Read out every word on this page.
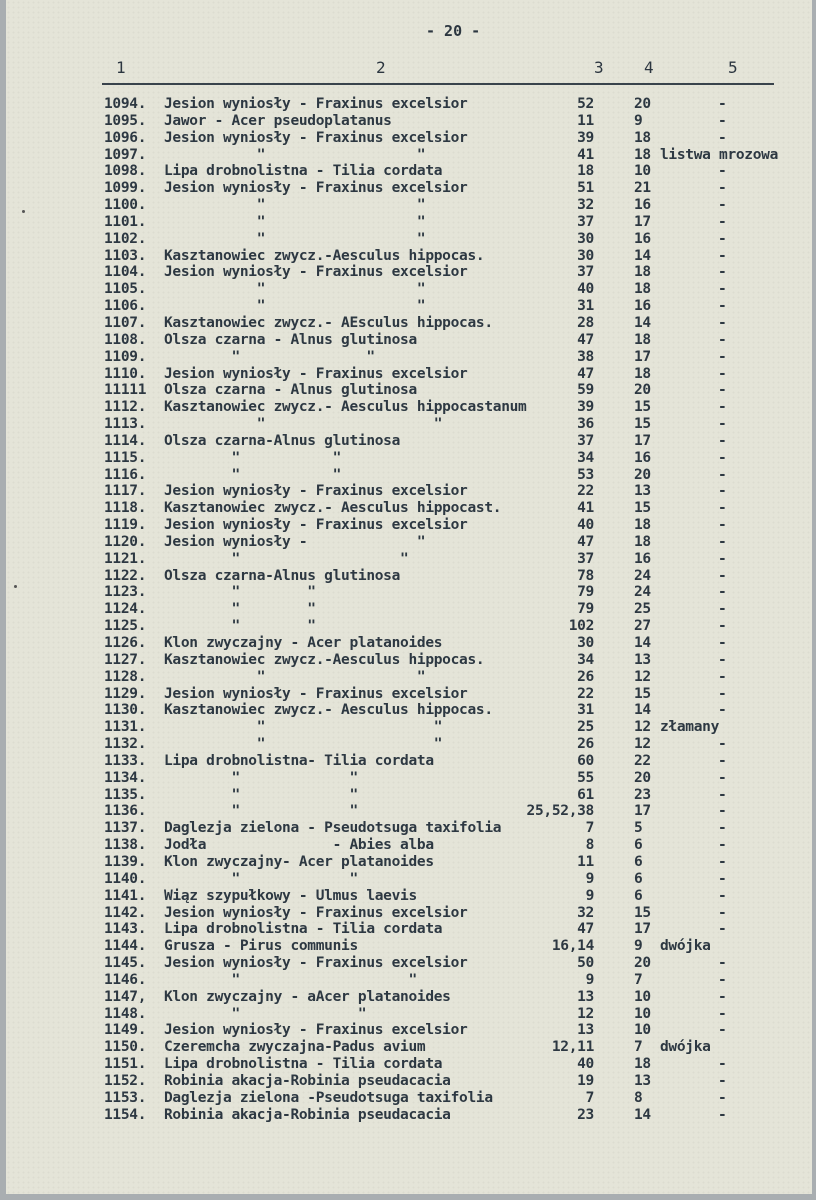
- 20 -
1	2	3	4	5
1094. Jesion wyniosły - Fraxinus excelsior	52	20	-
1095. Jawor - Acer pseudoplatanus	11	9	-
1096. Jesion wyniosły - Fraxinus excelsior	39	18	-
1097. "                  "	41	18 listwa mrozowa
1098. Lipa drobnolistna - Tilia cordata	18	10	-
1099. Jesion wyniosły - Fraxinus excelsior	51	21	-
1100. "                  "	32	16	-
1101. "                  "	37	17	-
1102. "                  "	30	16	-
1103. Kasztanowiec zwycz.-Aesculus hippocas.	30	14	-
1104. Jesion wyniosły - Fraxinus excelsior	37	18	-
1105. "                  "	40	18	-
1106. "                  "	31	16	-
1107. Kasztanowiec zwycz.- AEsculus hippocas.	28	14	-
1108. Olsza czarna - Alnus glutinosa	47	18	-
1109. "               "	38	17	-
1110. Jesion wyniosły - Fraxinus excelsior	47	18	-
11111 Olsza czarna - Alnus glutinosa	59	20	-
1112. Kasztanowiec zwycz.- Aesculus hippocastanum	39	15	-
1113. "                    "	36	15	-
1114. Olsza czarna-Alnus glutinosa	37	17	-
1115. "           "	34	16	-
1116. "           "	53	20	-
1117. Jesion wyniosły - Fraxinus excelsior	22	13	-
1118. Kasztanowiec zwycz.- Aesculus hippocast.	41	15	-
1119. Jesion wyniosły - Fraxinus excelsior	40	18	-
1120. Jesion wyniosły -             "	47	18	-
1121. "                   "	37	16	-
1122. Olsza czarna-Alnus glutinosa	78	24	-
1123. "        "	79	24	-
1124. "        "	79	25	-
1125. "        "	102	27	-
1126. Klon zwyczajny - Acer platanoides	30	14	-
1127. Kasztanowiec zwycz.-Aesculus hippocas.	34	13	-
1128. "                  "	26	12	-
1129. Jesion wyniosły - Fraxinus excelsior	22	15	-
1130. Kasztanowiec zwycz.- Aesculus hippocas.	31	14	-
1131. "                    "	25	12 złamany
1132. "                    "	26	12	-
1133. Lipa drobnolistna- Tilia cordata	60	22	-
1134. "             "	55	20	-
1135. "             "	61	23	-
1136. "             "	25,52,38	17	-
1137. Daglezja zielona - Pseudotsuga taxifolia	7	5	-
1138. Jodła               - Abies alba	8	6	-
1139. Klon zwyczajny- Acer platanoides	11	6	-
1140. "             "	9	6	-
1141. Wiąz szypułkowy - Ulmus laevis	9	6	-
1142. Jesion wyniosły - Fraxinus excelsior	32	15	-
1143. Lipa drobnolistna - Tilia cordata	47	17	-
1144. Grusza - Pirus communis	16,14	9 dwójka
1145. Jesion wyniosły - Fraxinus excelsior	50	20	-
1146. "                    "	9	7	-
1147, Klon zwyczajny - aAcer platanoides	13	10	-
1148. "              "	12	10	-
1149. Jesion wyniosły - Fraxinus excelsior	13	10	-
1150. Czeremcha zwyczajna-Padus avium	12,11	7 dwójka
1151. Lipa drobnolistna - Tilia cordata	40	18	-
1152. Robinia akacja-Robinia pseudacacia	19	13	-
1153. Daglezja zielona -Pseudotsuga taxifolia	7	8	-
1154. Robinia akacja-Robinia pseudacacia	23	14	-
